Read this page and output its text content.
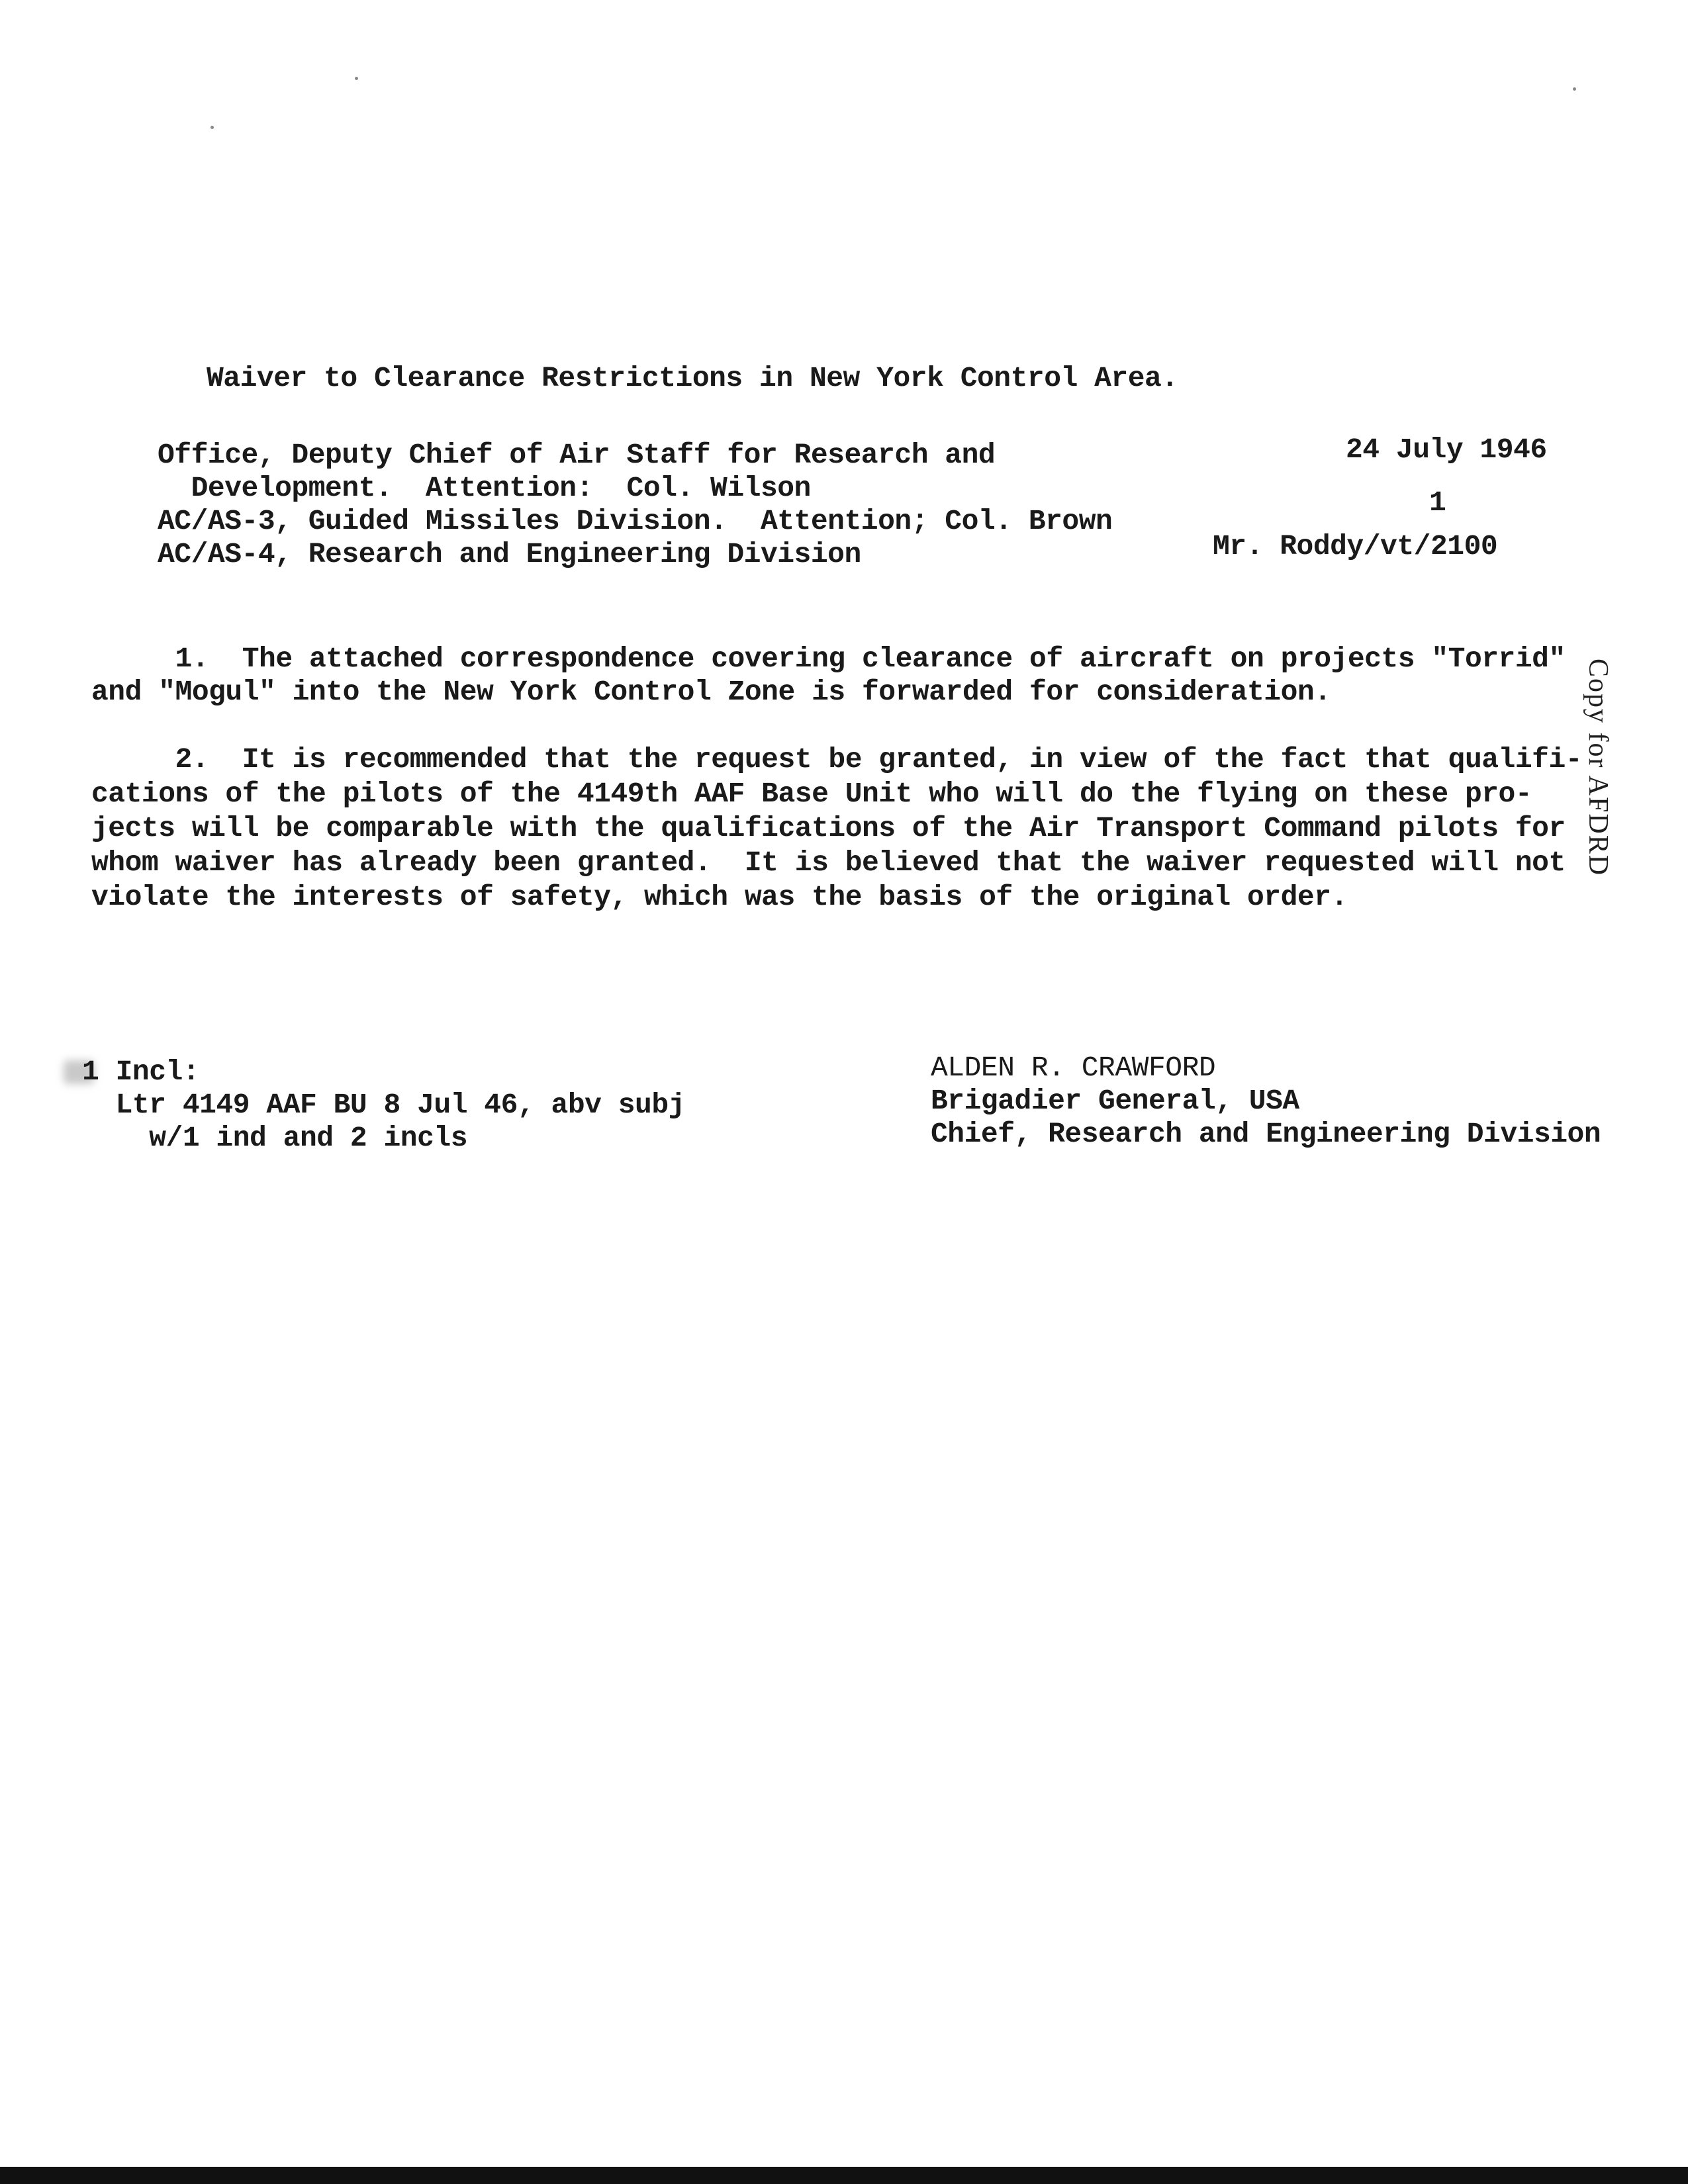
Waiver to Clearance Restrictions in New York Control Area.
Office, Deputy Chief of Air Staff for Research and
Development.  Attention:  Col. Wilson
AC/AS-3, Guided Missiles Division.  Attention; Col. Brown
AC/AS-4, Research and Engineering Division
24 July 1946
1
Mr. Roddy/vt/2100
1.  The attached correspondence covering clearance of aircraft on projects "Torrid"
and "Mogul" into the New York Control Zone is forwarded for consideration.
2.  It is recommended that the request be granted, in view of the fact that qualifi-
cations of the pilots of the 4149th AAF Base Unit who will do the flying on these pro-
jects will be comparable with the qualifications of the Air Transport Command pilots for
whom waiver has already been granted.  It is believed that the waiver requested will not
violate the interests of safety, which was the basis of the original order.
1 Incl:
Ltr 4149 AAF BU 8 Jul 46, abv subj
w/1 ind and 2 incls
ALDEN R. CRAWFORD
Brigadier General, USA
Chief, Research and Engineering Division
Copy for AFDRD
